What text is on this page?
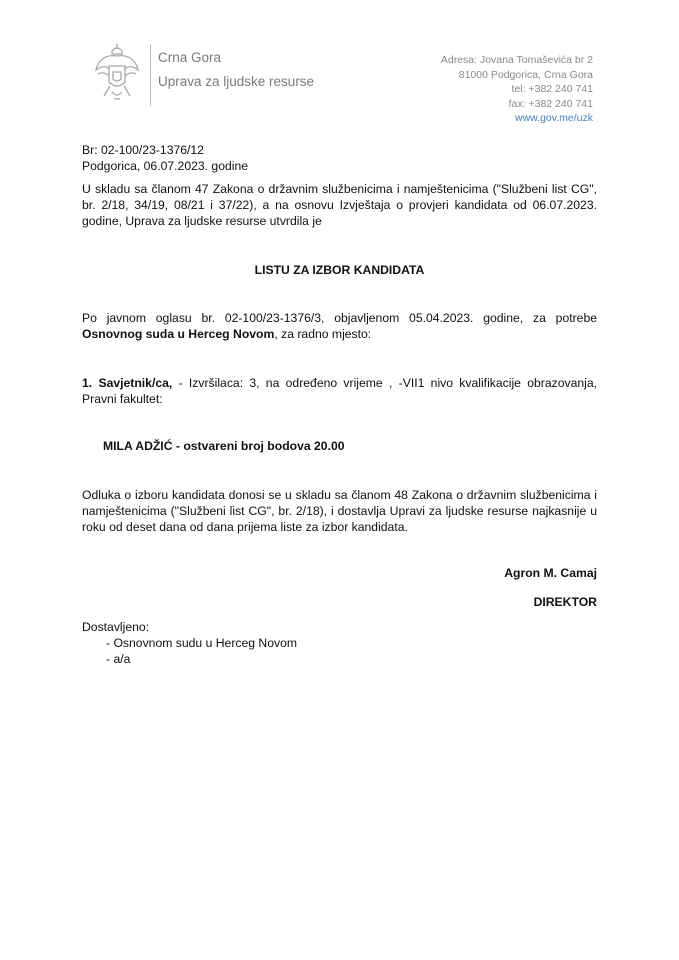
Crna Gora
Uprava za ljudske resurse
Adresa: Jovana Tomaševića br 2
81000 Podgorica, Crna Gora
tel: +382 240 741
fax: +382 240 741
www.gov.me/uzk
Br: 02-100/23-1376/12
Podgorica, 06.07.2023. godine
U skladu sa članom 47 Zakona o državnim službenicima i namještenicima ("Službeni list CG", br. 2/18, 34/19, 08/21 i 37/22), a na osnovu Izvještaja o provjeri kandidata od 06.07.2023. godine, Uprava za ljudske resurse utvrdila je
LISTU ZA IZBOR KANDIDATA
Po javnom oglasu br. 02-100/23-1376/3, objavljenom 05.04.2023. godine, za potrebe Osnovnog suda u Herceg Novom, za radno mjesto:
1. Savjetnik/ca, - Izvršilaca: 3, na određeno vrijeme , -VII1 nivo kvalifikacije obrazovanja, Pravni fakultet:
MILA ADŽIĆ - ostvareni broj bodova 20.00
Odluka o izboru kandidata donosi se u skladu sa članom 48 Zakona o državnim službenicima i namještenicima ("Službeni list CG", br. 2/18), i dostavlja Upravi za ljudske resurse najkasnije u roku od deset dana od dana prijema liste za izbor kandidata.
Agron M. Camaj
DIREKTOR
Dostavljeno:
- Osnovnom sudu u Herceg Novom
- a/a
